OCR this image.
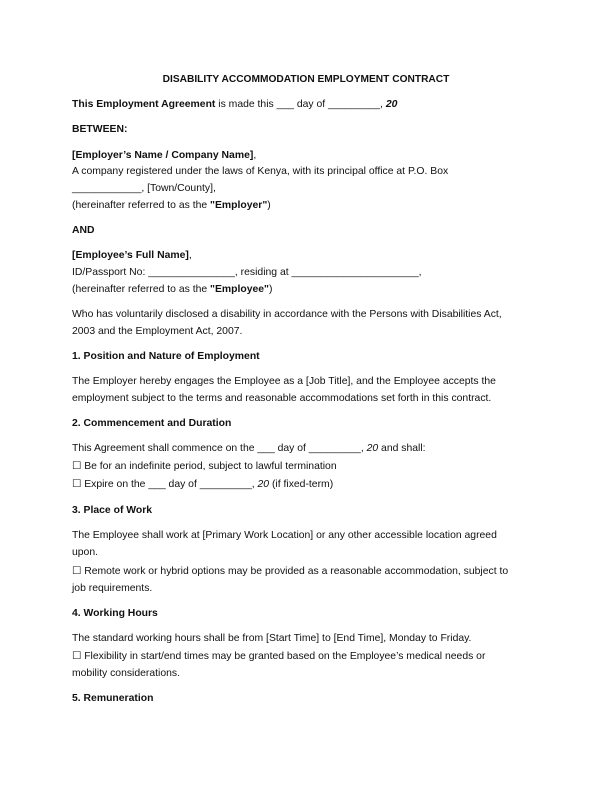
DISABILITY ACCOMMODATION EMPLOYMENT CONTRACT
This Employment Agreement is made this ___ day of _________, 20
BETWEEN:
[Employer’s Name / Company Name],
A company registered under the laws of Kenya, with its principal office at P.O. Box
____________, [Town/County],
(hereinafter referred to as the "Employer")
AND
[Employee’s Full Name],
ID/Passport No: _______________, residing at ______________________,
(hereinafter referred to as the "Employee")
Who has voluntarily disclosed a disability in accordance with the Persons with Disabilities Act,
2003 and the Employment Act, 2007.
1. Position and Nature of Employment
The Employer hereby engages the Employee as a [Job Title], and the Employee accepts the
employment subject to the terms and reasonable accommodations set forth in this contract.
2. Commencement and Duration
This Agreement shall commence on the ___ day of _________, 20 and shall:
☐ Be for an indefinite period, subject to lawful termination
☐ Expire on the ___ day of _________, 20 (if fixed-term)
3. Place of Work
The Employee shall work at [Primary Work Location] or any other accessible location agreed
upon.
☐ Remote work or hybrid options may be provided as a reasonable accommodation, subject to
job requirements.
4. Working Hours
The standard working hours shall be from [Start Time] to [End Time], Monday to Friday.
☐ Flexibility in start/end times may be granted based on the Employee’s medical needs or
mobility considerations.
5. Remuneration
